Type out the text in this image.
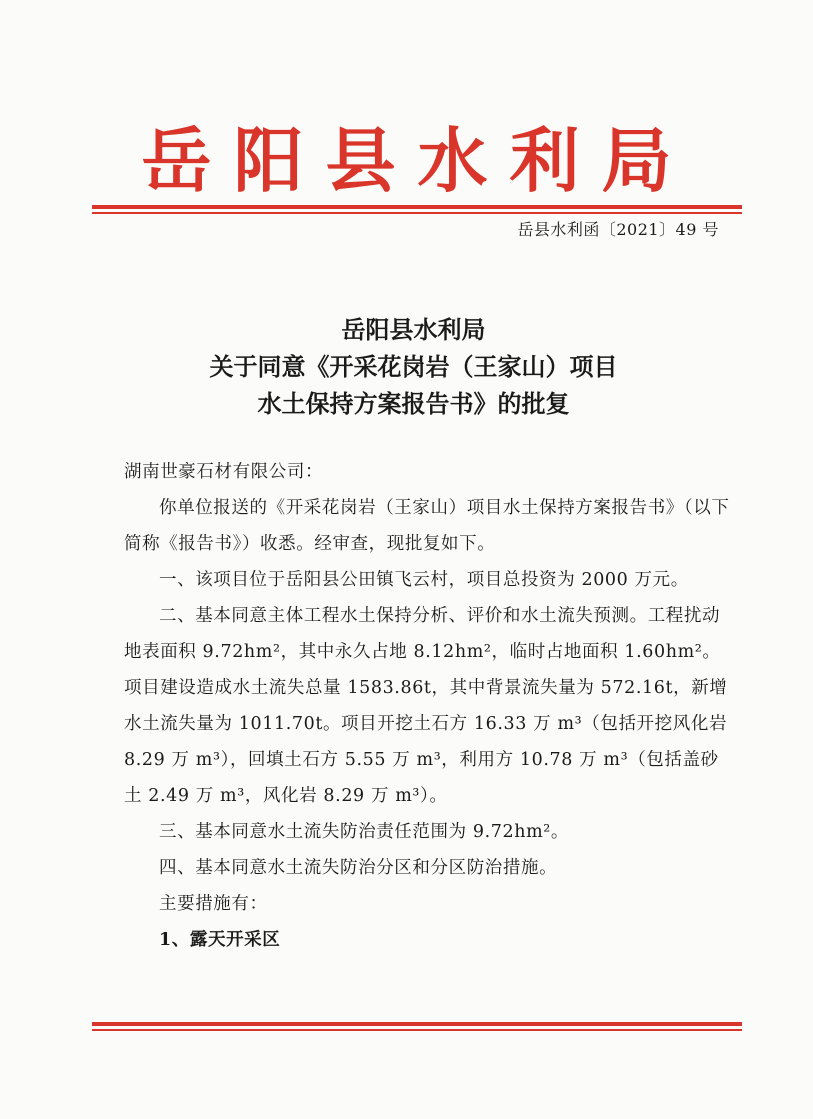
岳阳县水利局
岳县水利函〔2021〕49 号
岳阳县水利局
关于同意《开采花岗岩（王家山）项目
水土保持方案报告书》的批复

湖南世豪石材有限公司：

你单位报送的《开采花岗岩（王家山）项目水土保持方案报告书》（以下简称《报告书》）收悉。经审查，现批复如下。

一、该项目位于岳阳县公田镇飞云村，项目总投资为 2000 万元。

二、基本同意主体工程水土保持分析、评价和水土流失预测。工程扰动地表面积 9.72hm²，其中永久占地 8.12hm²，临时占地面积 1.60hm²。项目建设造成水土流失总量 1583.86t，其中背景流失量为 572.16t，新增水土流失量为 1011.70t。项目开挖土石方 16.33 万 m³（包括开挖风化岩 8.29 万 m³），回填土石方 5.55 万 m³，利用方 10.78 万 m³（包括盖砂土 2.49 万 m³，风化岩 8.29 万 m³）。

三、基本同意水土流失防治责任范围为 9.72hm²。

四、基本同意水土流失防治分区和分区防治措施。

主要措施有：

1、露天开采区
